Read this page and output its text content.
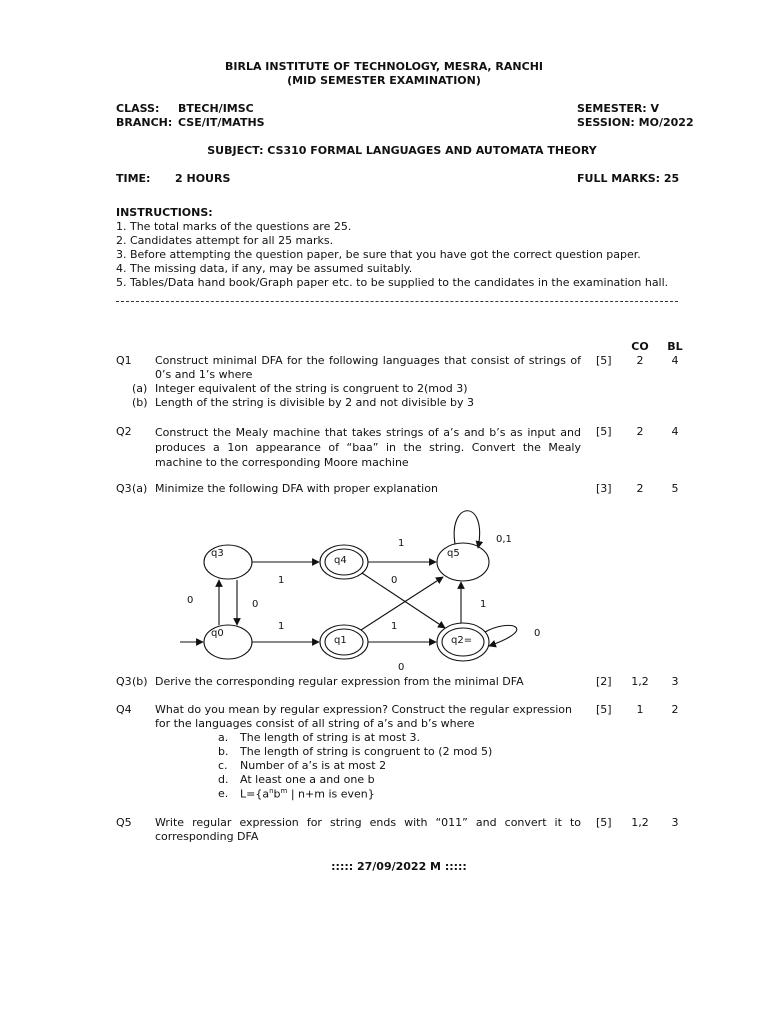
BIRLA INSTITUTE OF TECHNOLOGY, MESRA, RANCHI
(MID SEMESTER EXAMINATION)
CLASS: BTECH/IMSC
BRANCH: CSE/IT/MATHS
SEMESTER: V
SESSION: MO/2022
SUBJECT: CS310 FORMAL LANGUAGES AND AUTOMATA THEORY
TIME: 2 HOURS	FULL MARKS: 25
INSTRUCTIONS:
1. The total marks of the questions are 25.
2. Candidates attempt for all 25 marks.
3. Before attempting the question paper, be sure that you have got the correct question paper.
4. The missing data, if any, may be assumed suitably.
5. Tables/Data hand book/Graph paper etc. to be supplied to the candidates in the examination hall.
CO	BL
Q1 Construct minimal DFA for the following languages that consist of strings of 0’s and 1’s where
[5]	2	4
(a) Integer equivalent of the string is congruent to 2(mod 3)
(b) Length of the string is divisible by 2 and not divisible by 3
Q2 Construct the Mealy machine that takes strings of a’s and b’s as input and produces a 1on appearance of “baa” in the string. Convert the Mealy machine to the corresponding Moore machine
[5]	2	4
Q3 (a) Minimize the following DFA with proper explanation	[3]	2	5
q3
q4
q5
q0
q1	q2=
1	0,1
1	0
0	0	1
1	1
0
0
Q3 (b) Derive the corresponding regular expression from the minimal DFA	[2] 1,2	3
Q4 What do you mean by regular expression? Construct the regular expression for the languages consist of all string of a’s and b’s where
[5]	1	2
a. The length of string is at most 3.
b. The length of string is congruent to (2 mod 5)
c. Number of a’s is at most 2
d. At least one a and one b
e. $L=\{a^nb^m$ | n+m is even}
Q5 Write regular expression for string ends with “011” and convert it to corresponding DFA
[5] 1,2	3
::::: 27/09/2022 M :::::
